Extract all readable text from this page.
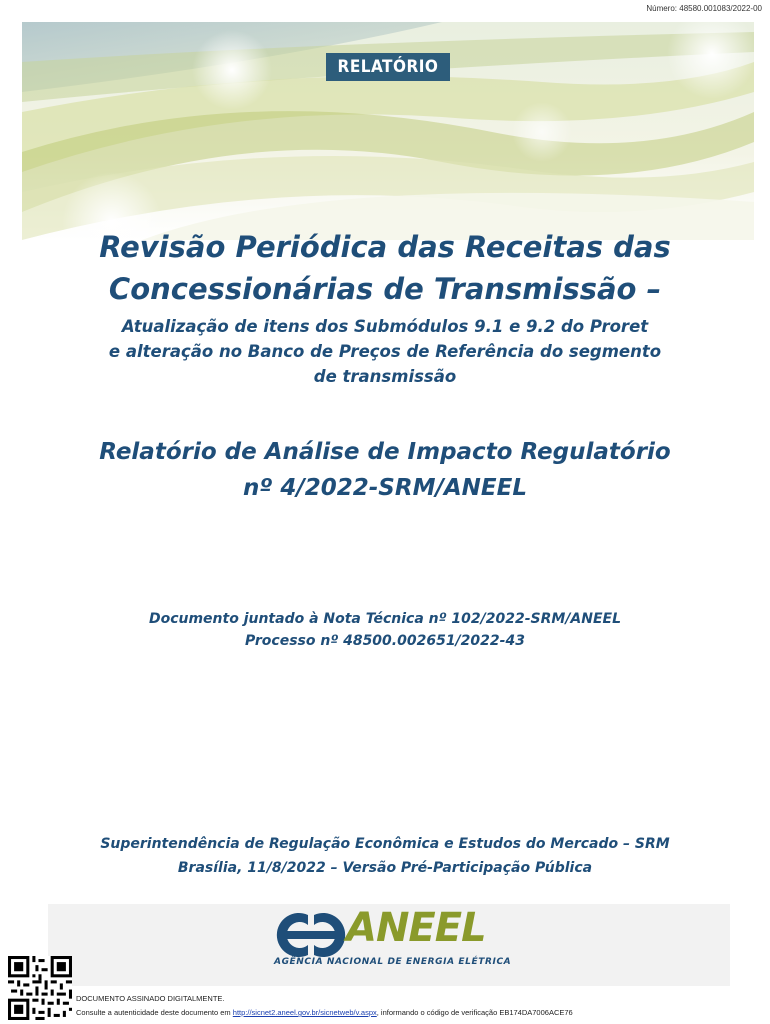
Número: 48580.001083/2022-00
RELATÓRIO
Revisão Periódica das Receitas das
Concessionárias de Transmissão –
Atualização de itens dos Submódulos 9.1 e 9.2 do Proret
e alteração no Banco de Preços de Referência do segmento
de transmissão
Relatório de Análise de Impacto Regulatório
nº 4/2022-SRM/ANEEL
Documento juntado à Nota Técnica nº 102/2022-SRM/ANEEL
Processo nº 48500.002651/2022-43
Superintendência de Regulação Econômica e Estudos do Mercado – SRM
Brasília, 11/8/2022 – Versão Pré-Participação Pública
ANEEL
AGÊNCIA NACIONAL DE ENERGIA ELÉTRICA
DOCUMENTO ASSINADO DIGITALMENTE.
Consulte a autenticidade deste documento em http://sicnet2.aneel.gov.br/sicnetweb/v.aspx, informando o código de verificação EB174DA7006ACE76
